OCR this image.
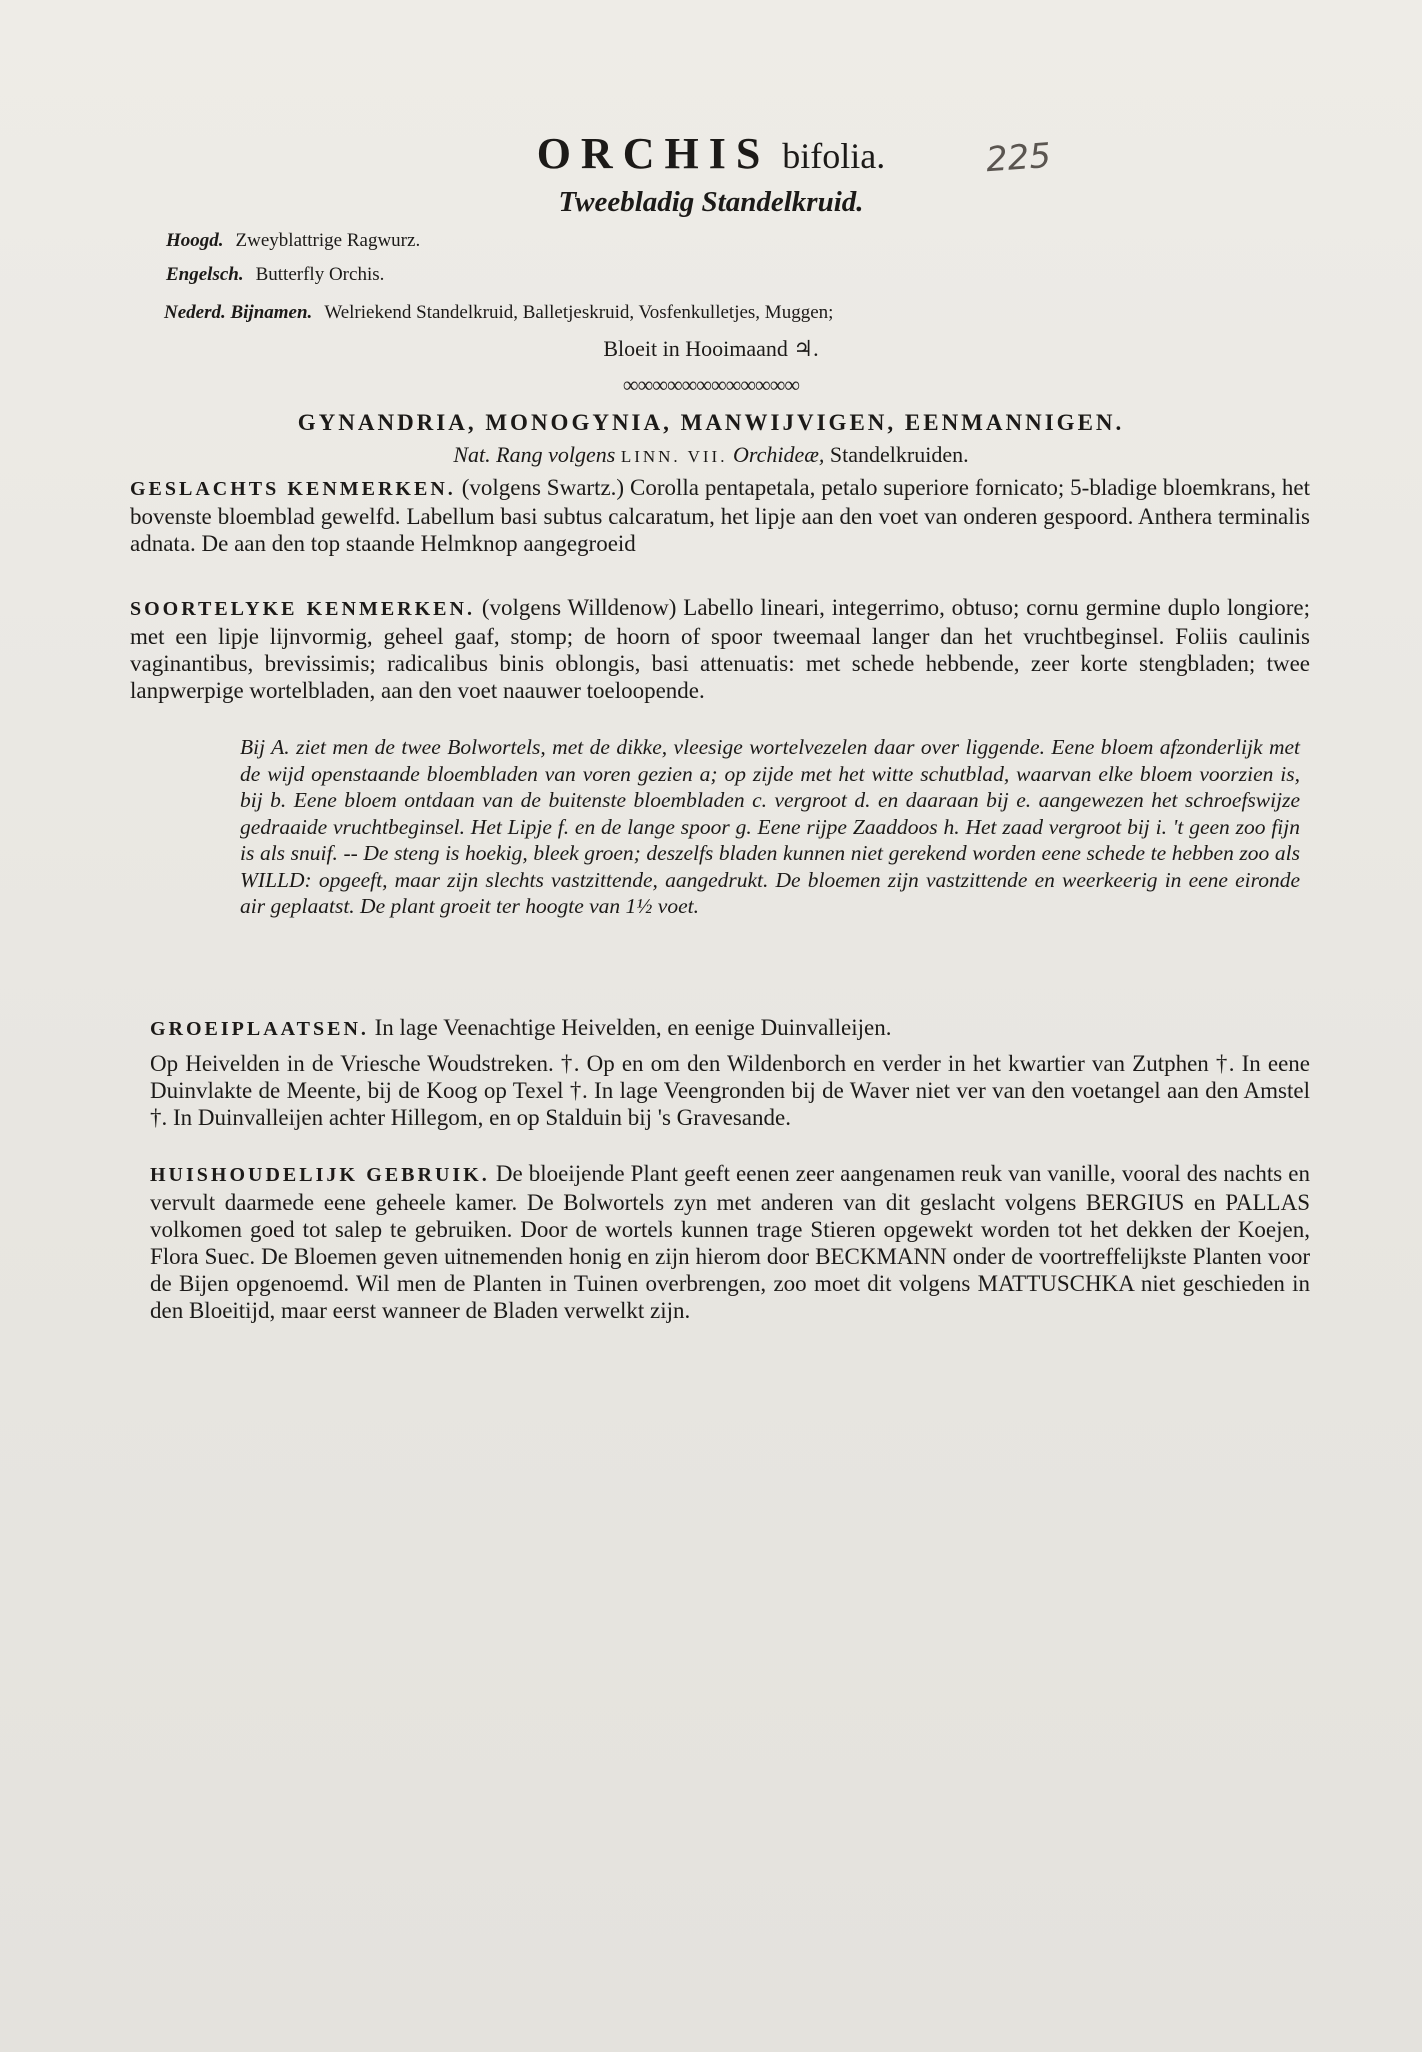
ORCHIS bifolia.	225
Tweebladig Standelkruid.
Hoogd. Zweyblattrige Ragwurz.
Engelsch. Butterfly Orchis.
Nederd. Bijnamen. Welriekend Standelkruid, Balletjeskruid, Vosfenkulletjes, Muggen;
Bloeit in Hooimaand ♃.
∞∞∞∞∞∞∞∞∞∞∞∞
GYNANDRIA, MONOGYNIA, MANWIJVIGEN, EENMANNIGEN.
Nat. Rang volgens LINN. VII. Orchideæ, Standelkruiden.
GESLACHTS KENMERKEN. (volgens Swartz.) Corolla pentapetala, petalo superiore fornicato; 5-bladige bloemkrans, het bovenste bloemblad gewelfd. Labellum basi subtus calcaratum, het lipje aan den voet van onderen gespoord. Anthera terminalis adnata. De aan den top staande Helmknop aangegroeid
SOORTELYKE KENMERKEN. (volgens Willdenow) Labello lineari, integerrimo, obtuso; cornu germine duplo longiore; met een lipje lijnvormig, geheel gaaf, stomp; de hoorn of spoor tweemaal langer dan het vruchtbeginsel. Foliis caulinis vaginantibus, brevissimis; radicalibus binis oblongis, basi attenuatis: met schede hebbende, zeer korte stengbladen; twee lanpwerpige wortelbladen, aan den voet naauwer toeloopende.
Bij A. ziet men de twee Bolwortels, met de dikke, vleesige wortelvezelen daar over liggende. Eene bloem afzonderlijk met de wijd openstaande bloembladen van voren gezien a; op zijde met het witte schutblad, waarvan elke bloem voorzien is, bij b. Eene bloem ontdaan van de buitenste bloembladen c. vergroot d. en daaraan bij e. aangewezen het schroefswijze gedraaide vruchtbeginsel. Het Lipje f. en de lange spoor g. Eene rijpe Zaaddoos h. Het zaad vergroot bij i. 't geen zoo fijn is als snuif. -- De steng is hoekig, bleek groen; deszelfs bladen kunnen niet gerekend worden eene schede te hebben zoo als WILLD: opgeeft, maar zijn slechts vastzittende, aangedrukt. De bloemen zijn vastzittende en weerkeerig in eene eironde air geplaatst. De plant groeit ter hoogte van 1½ voet.
GROEIPLAATSEN. In lage Veenachtige Heivelden, en eenige Duinvalleijen.
Op Heivelden in de Vriesche Woudstreken. †. Op en om den Wildenborch en verder in het kwartier van Zutphen †. In eene Duinvlakte de Meente, bij de Koog op Texel †. In lage Veengronden bij de Waver niet ver van den voetangel aan den Amstel †. In Duinvalleijen achter Hillegom, en op Stalduin bij 's Gravesande.
HUISHOUDELIJK GEBRUIK. De bloeijende Plant geeft eenen zeer aangenamen reuk van vanille, vooral des nachts en vervult daarmede eene geheele kamer. De Bolwortels zyn met anderen van dit geslacht volgens BERGIUS en PALLAS volkomen goed tot salep te gebruiken. Door de wortels kunnen trage Stieren opgewekt worden tot het dekken der Koejen, Flora Suec. De Bloemen geven uitnemenden honig en zijn hierom door BECKMANN onder de voortreffelijkste Planten voor de Bijen opgenoemd. Wil men de Planten in Tuinen overbrengen, zoo moet dit volgens MATTUSCHKA niet geschieden in den Bloeitijd, maar eerst wanneer de Bladen verwelkt zijn.
